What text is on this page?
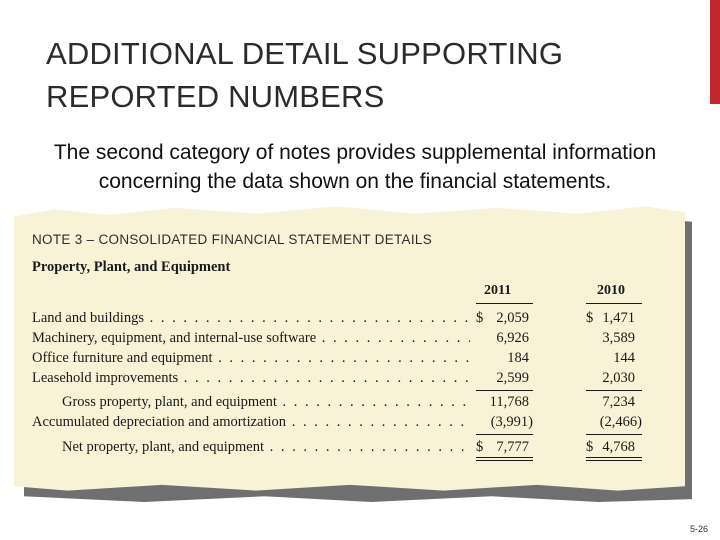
ADDITIONAL DETAIL SUPPORTING
REPORTED NUMBERS
The second category of notes provides supplemental information
concerning the data shown on the financial statements.
NOTE 3 – CONSOLIDATED FINANCIAL STATEMENT DETAILS
Property, Plant, and Equipment
2011	2010
Land and buildings . . .	$ 2,059	$ 1,471
Machinery, equipment, and internal-use software . . .	6,926	3,589
Office furniture and equipment . . .	184	144
Leasehold improvements . . .	2,599	2,030
Gross property, plant, and equipment . . .	11,768	7,234
Accumulated depreciation and amortization . . .	(3,991)	(2,466)
Net property, plant, and equipment . . .	$ 7,777	$ 4,768
5-26
